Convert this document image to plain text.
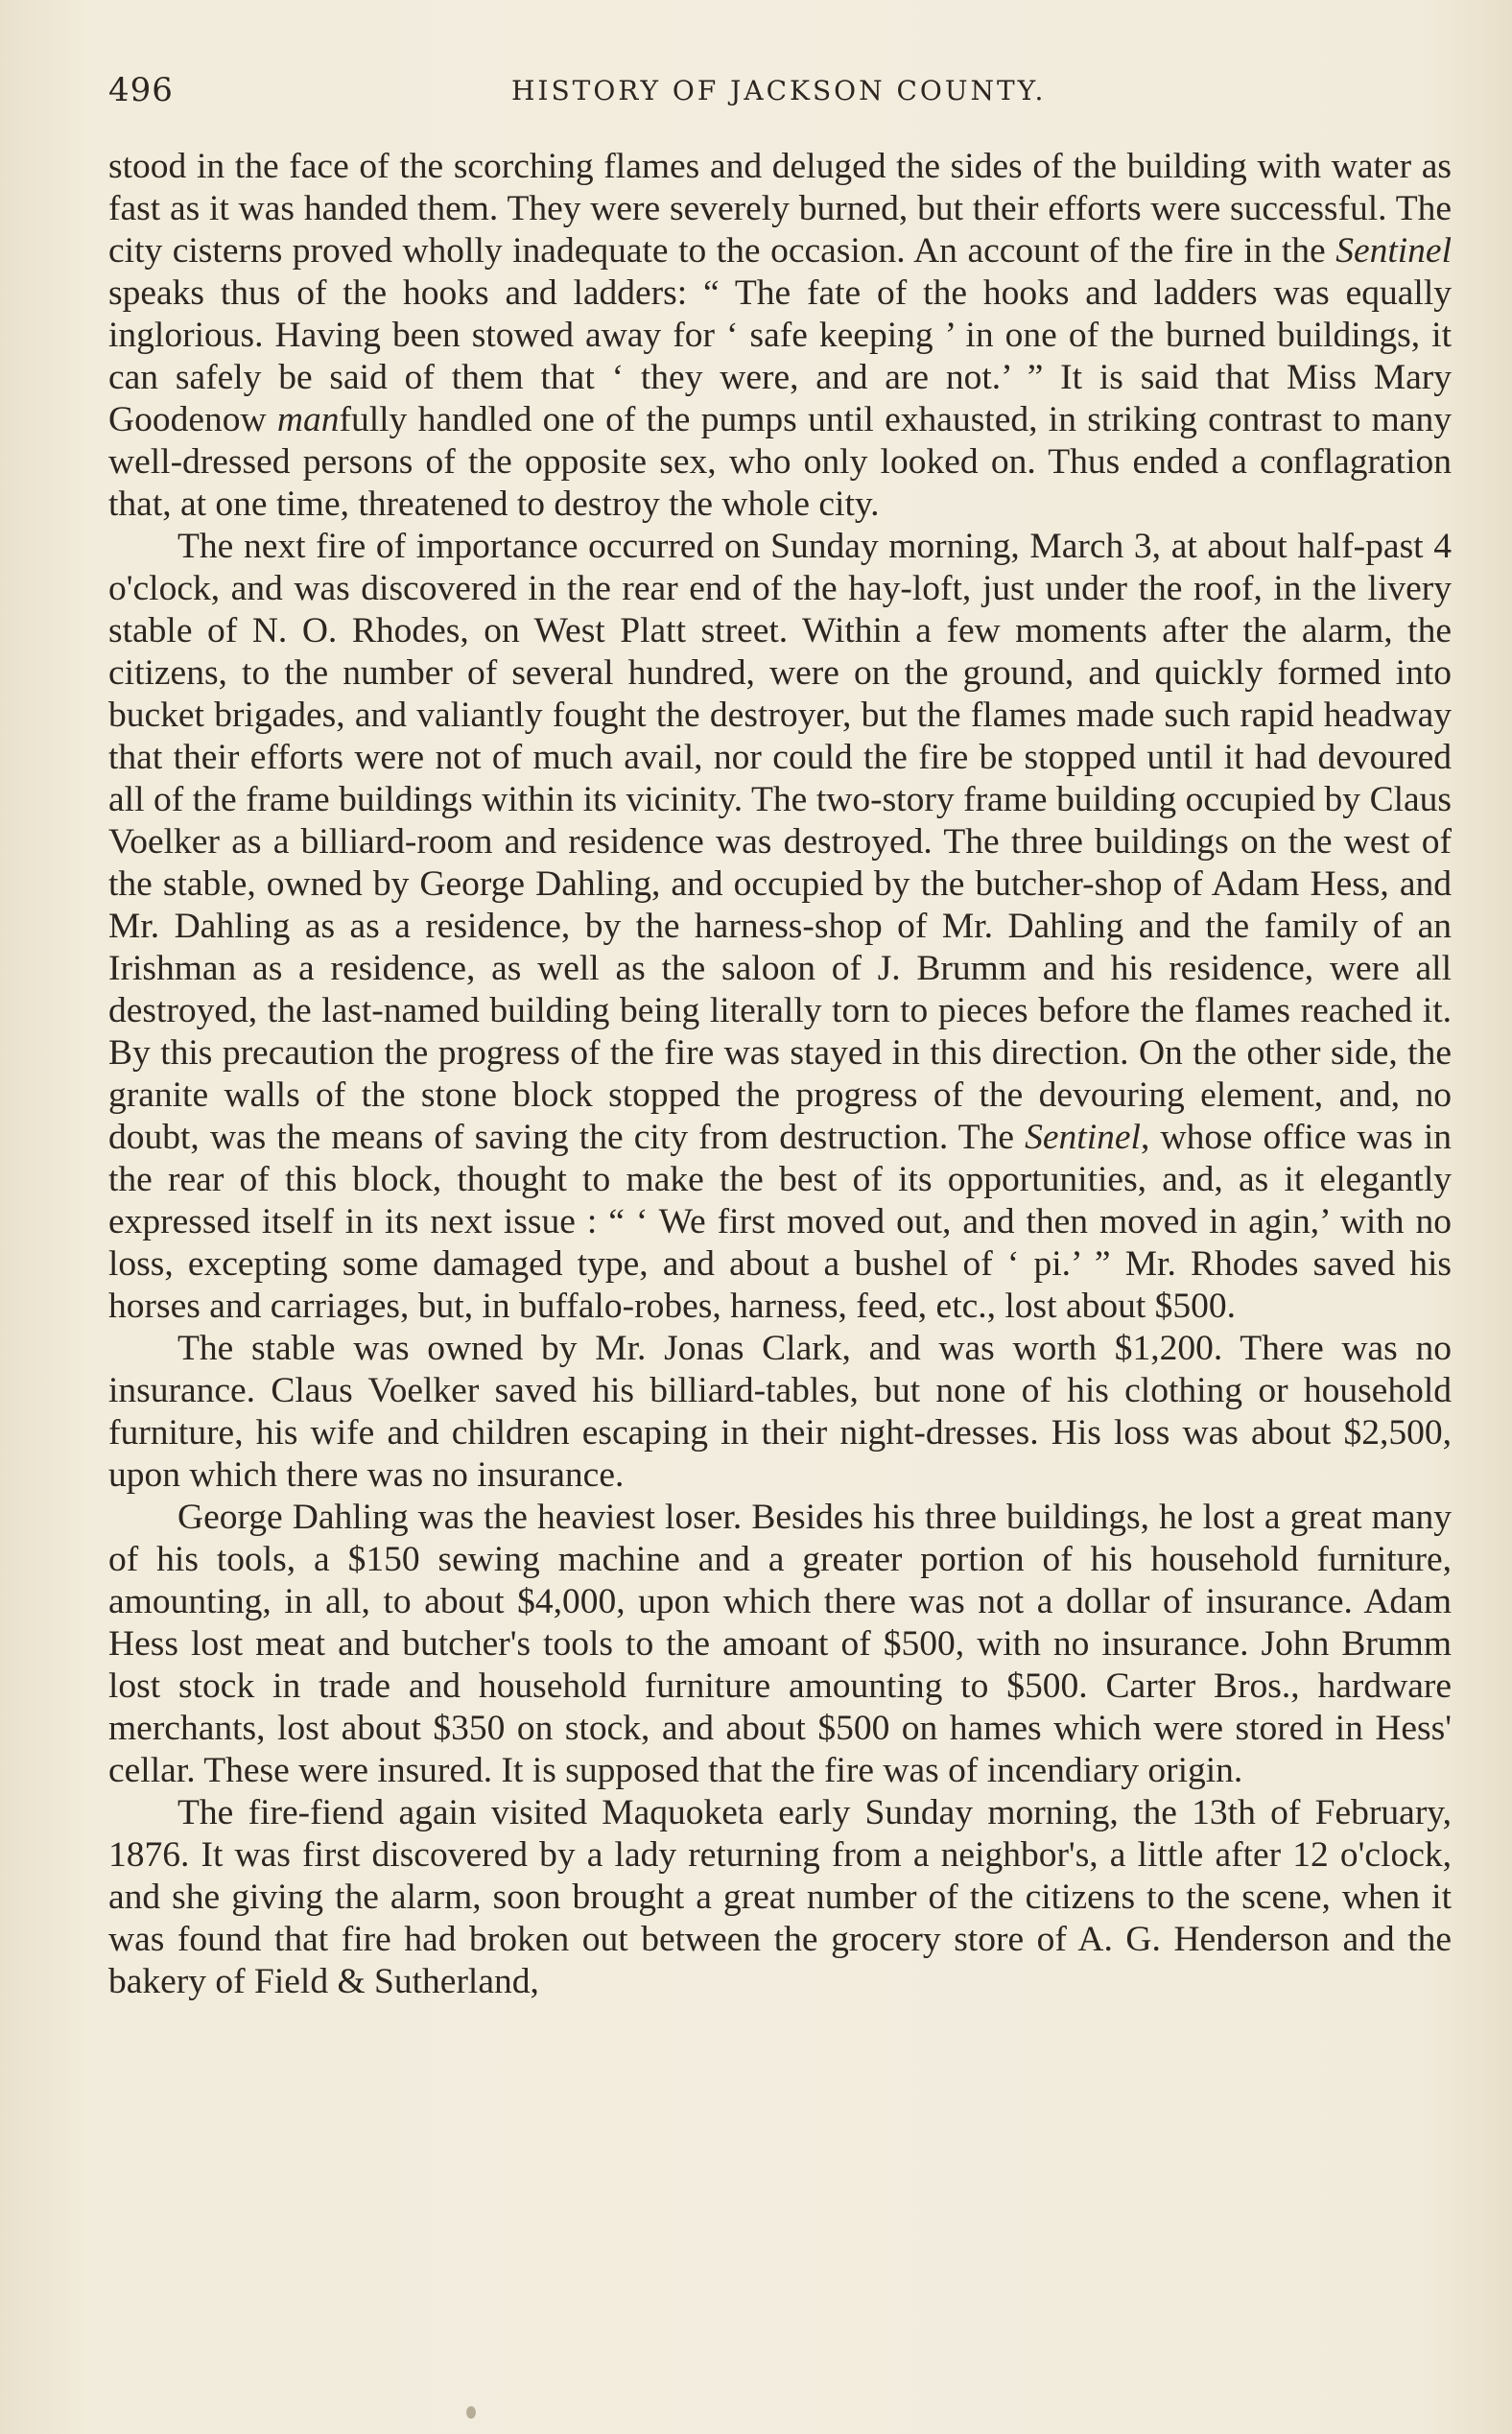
496	HISTORY OF JACKSON COUNTY.

stood in the face of the scorching flames and deluged the sides of the building with water as fast as it was handed them. They were severely burned, but their efforts were successful. The city cisterns proved wholly inadequate to the occasion. An account of the fire in the Sentinel speaks thus of the hooks and ladders: “ The fate of the hooks and ladders was equally inglorious. Having been stowed away for ‘ safe keeping ’ in one of the burned buildings, it can safely be said of them that ‘ they were, and are not.’ ” It is said that Miss Mary Goodenow manfully handled one of the pumps until exhausted, in striking contrast to many well-dressed persons of the opposite sex, who only looked on. Thus ended a conflagration that, at one time, threatened to destroy the whole city.

The next fire of importance occurred on Sunday morning, March 3, at about half-past 4 o'clock, and was discovered in the rear end of the hay-loft, just under the roof, in the livery stable of N. O. Rhodes, on West Platt street. Within a few moments after the alarm, the citizens, to the number of several hundred, were on the ground, and quickly formed into bucket brigades, and valiantly fought the destroyer, but the flames made such rapid headway that their efforts were not of much avail, nor could the fire be stopped until it had devoured all of the frame buildings within its vicinity. The two-story frame building occupied by Claus Voelker as a billiard-room and residence was destroyed. The three buildings on the west of the stable, owned by George Dahling, and occupied by the butcher-shop of Adam Hess, and Mr. Dahling as as a residence, by the harness-shop of Mr. Dahling and the family of an Irishman as a residence, as well as the saloon of J. Brumm and his residence, were all destroyed, the last-named building being literally torn to pieces before the flames reached it. By this precaution the progress of the fire was stayed in this direction. On the other side, the granite walls of the stone block stopped the progress of the devouring element, and, no doubt, was the means of saving the city from destruction. The Sentinel, whose office was in the rear of this block, thought to make the best of its opportunities, and, as it elegantly expressed itself in its next issue : “ ‘ We first moved out, and then moved in agin,’ with no loss, excepting some damaged type, and about a bushel of ‘ pi.’ ” Mr. Rhodes saved his horses and carriages, but, in buffalo-robes, harness, feed, etc., lost about $500.

The stable was owned by Mr. Jonas Clark, and was worth $1,200. There was no insurance. Claus Voelker saved his billiard-tables, but none of his clothing or household furniture, his wife and children escaping in their night-dresses. His loss was about $2,500, upon which there was no insurance.

George Dahling was the heaviest loser. Besides his three buildings, he lost a great many of his tools, a $150 sewing machine and a greater portion of his household furniture, amounting, in all, to about $4,000, upon which there was not a dollar of insurance. Adam Hess lost meat and butcher's tools to the amoant of $500, with no insurance. John Brumm lost stock in trade and household furniture amounting to $500. Carter Bros., hardware merchants, lost about $350 on stock, and about $500 on hames which were stored in Hess' cellar. These were insured. It is supposed that the fire was of incendiary origin.

The fire-fiend again visited Maquoketa early Sunday morning, the 13th of February, 1876. It was first discovered by a lady returning from a neighbor's, a little after 12 o'clock, and she giving the alarm, soon brought a great number of the citizens to the scene, when it was found that fire had broken out between the grocery store of A. G. Henderson and the bakery of Field & Sutherland,
